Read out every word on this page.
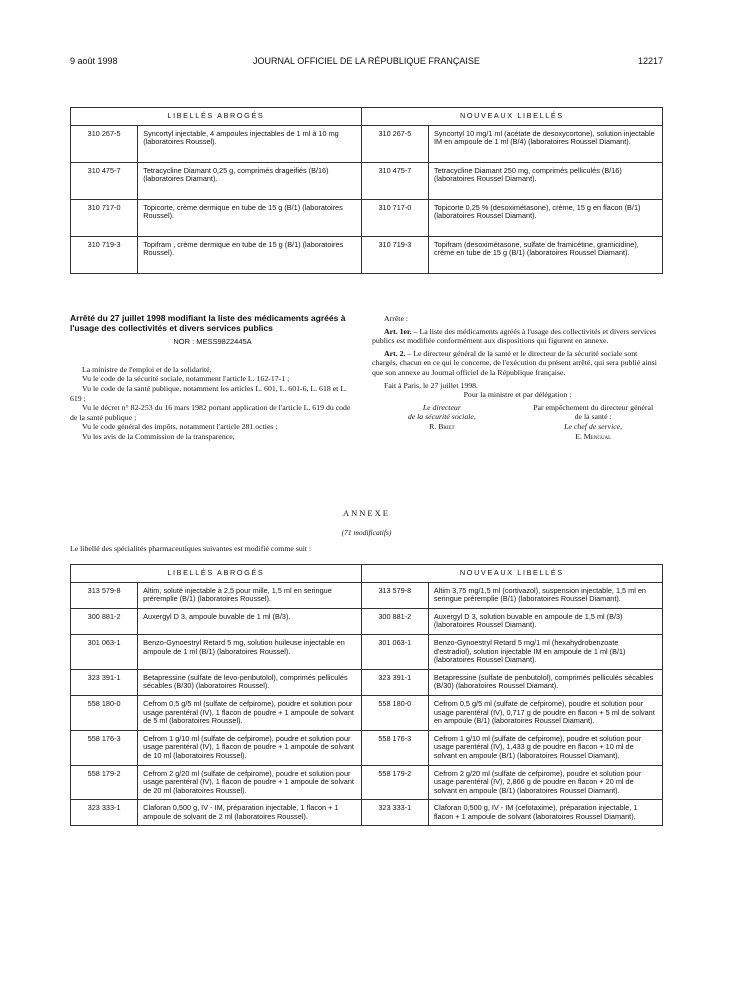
9 août 1998	JOURNAL OFFICIEL DE LA RÉPUBLIQUE FRANÇAISE	12217
LIBELLÉS ABROGÉS		NOUVEAUX LIBELLÉS	
310 267-5	Syncortyl injectable, 4 ampoules injectables de 1 ml à 10 mg (laboratoires Roussel).	310 267-5	Syncortyl 10 mg/1 ml (acétate de desoxycortone), solution injectable IM en ampoule de 1 ml (B/4) (laboratoires Roussel Diamant).
310 475-7	Tetracycline Diamant 0,25 g, comprimés drageifiés (B/16) (laboratoires Diamant).	310 475-7	Tetracycline Diamant 250 mg, comprimés pelliculés (B/16) (laboratoires Roussel Diamant).
310 717-0	Topicorte, crème dermique en tube de 15 g (B/1) (laboratoires Roussel).	310 717-0	Topicorte 0,25 % (desoximétasone), crème, 15 g en flacon (B/1) (laboratoires Roussel Diamant).
310 719-3	Topifram , crème dermique en tube de 15 g (B/1) (laboratoires Roussel).	310 719-3	Topifram (desoximétasone, sulfate de framicétine, gramicidine), crème en tube de 15 g (B/1) (laboratoires Roussel Diamant).

Arrêté du 27 juillet 1998 modifiant la liste des médicaments agréés à l'usage des collectivités et divers services publics

NOR : MESS9822445A

La ministre de l'emploi et de la solidarité,

Vu le code de la sécurité sociale, notamment l'article L. 162-17-1 ;

Vu le code de la santé publique, notamment les articles L. 601, L. 601-6, L. 618 et L. 619 ;

Vu le décret n° 82-253 du 16 mars 1982 portant application de l'article L. 619 du code de la santé publique ;

Vu le code général des impôts, notamment l'article 281 octies ;

Vu les avis de la Commission de la transparence,

Arrête :

Art. 1er. – La liste des médicaments agréés à l'usage des collectivités et divers services publics est modifiée conformément aux dispositions qui figurent en annexe.

Art. 2. – Le directeur général de la santé et le directeur de la sécurité sociale sont chargés, chacun en ce qui le concerne, de l'exécution du présent arrêté, qui sera publié ainsi que son annexe au Journal officiel de la République française.

Fait à Paris, le 27 juillet 1998.

Pour la ministre et par délégation :

Le directeur
de la sécurité sociale,
R. Briet
Par empêchement du directeur général
de la santé :
Le chef de service,
E. Mengual
ANNEXE
(71 modificatifs)
Le libellé des spécialités pharmaceutiques suivantes est modifié comme suit :
LIBELLÉS ABROGÉS		NOUVEAUX LIBELLÉS	
313 579-8	Altim, soluté injectable à 2,5 pour mille, 1,5 ml en seringue préremplie (B/1) (laboratoires Roussel).	313 579-8	Altim 3,75 mg/1,5 ml (cortivazol), suspension injectable, 1,5 ml en seringue préremplie (B/1) (laboratoires Roussel Diamant).
300 881-2	Auxergyl D 3, ampoule buvable de 1 ml (B/3).	300 881-2	Auxergyl D 3, solution buvable en ampoule de 1,5 ml (B/3) (laboratoires Roussel Diamant).
301 063-1	Benzo-Gynoestryl Retard 5 mg, solution huileuse injectable en ampoule de 1 ml (B/1) (laboratoires Roussel).	301 063-1	Benzo-Gynoestryl Retard 5 mg/1 ml (hexahydrobenzoate d'estradiol), solution injectable IM en ampoule de 1 ml (B/1) (laboratoires Roussel Diamant).
323 391-1	Betapressine (sulfate de levo-penbutolol), comprimés pelliculés sécables (B/30) (laboratoires Roussel).	323 391-1	Betapressine (sulfate de penbutolol), comprimés pelliculés sécables (B/30) (laboratoires Roussel Diamant).
558 180-0	Cefrom 0,5 g/5 ml (sulfate de cefpirome), poudre et solution pour usage parentéral (IV), 1 flacon de poudre + 1 ampoule de solvant de 5 ml (laboratoires Roussel).	558 180-0	Cefrom 0,5 g/5 ml (sulfate de cefpirome), poudre et solution pour usage parentéral (IV), 0,717 g de poudre en flacon + 5 ml de solvant en ampoule (B/1) (laboratoires Roussel Diamant).
558 176-3	Cefrom 1 g/10 ml (sulfate de cefpirome), poudre et solution pour usage parentéral (IV), 1 flacon de poudre + 1 ampoule de solvant de 10 ml (laboratoires Roussel).	558 176-3	Cefrom 1 g/10 ml (sulfate de cefpirome), poudre et solution pour usage parentéral (IV), 1,433 g de poudre en flacon + 10 ml de solvant en ampoule (B/1) (laboratoires Roussel Diamant).
558 179-2	Cefrom 2 g/20 ml (sulfate de cefpirome), poudre et solution pour usage parentéral (IV), 1 flacon de poudre + 1 ampoule de solvant de 20 ml (laboratoires Roussel).	558 179-2	Cefrom 2 g/20 ml (sulfate de cefpirome), poudre et solution pour usage parentéral (IV), 2,866 g de poudre en flacon + 20 ml de solvant en ampoule (B/1) (laboratoires Roussel Diamant).
323 333-1	Claforan 0,500 g, IV - IM, préparation injectable, 1 flacon + 1 ampoule de solvant de 2 ml (laboratoires Roussel).	323 333-1	Claforan 0,500 g, IV - IM (cefotaxime), préparation injectable, 1 flacon + 1 ampoule de solvant (laboratoires Roussel Diamant).
